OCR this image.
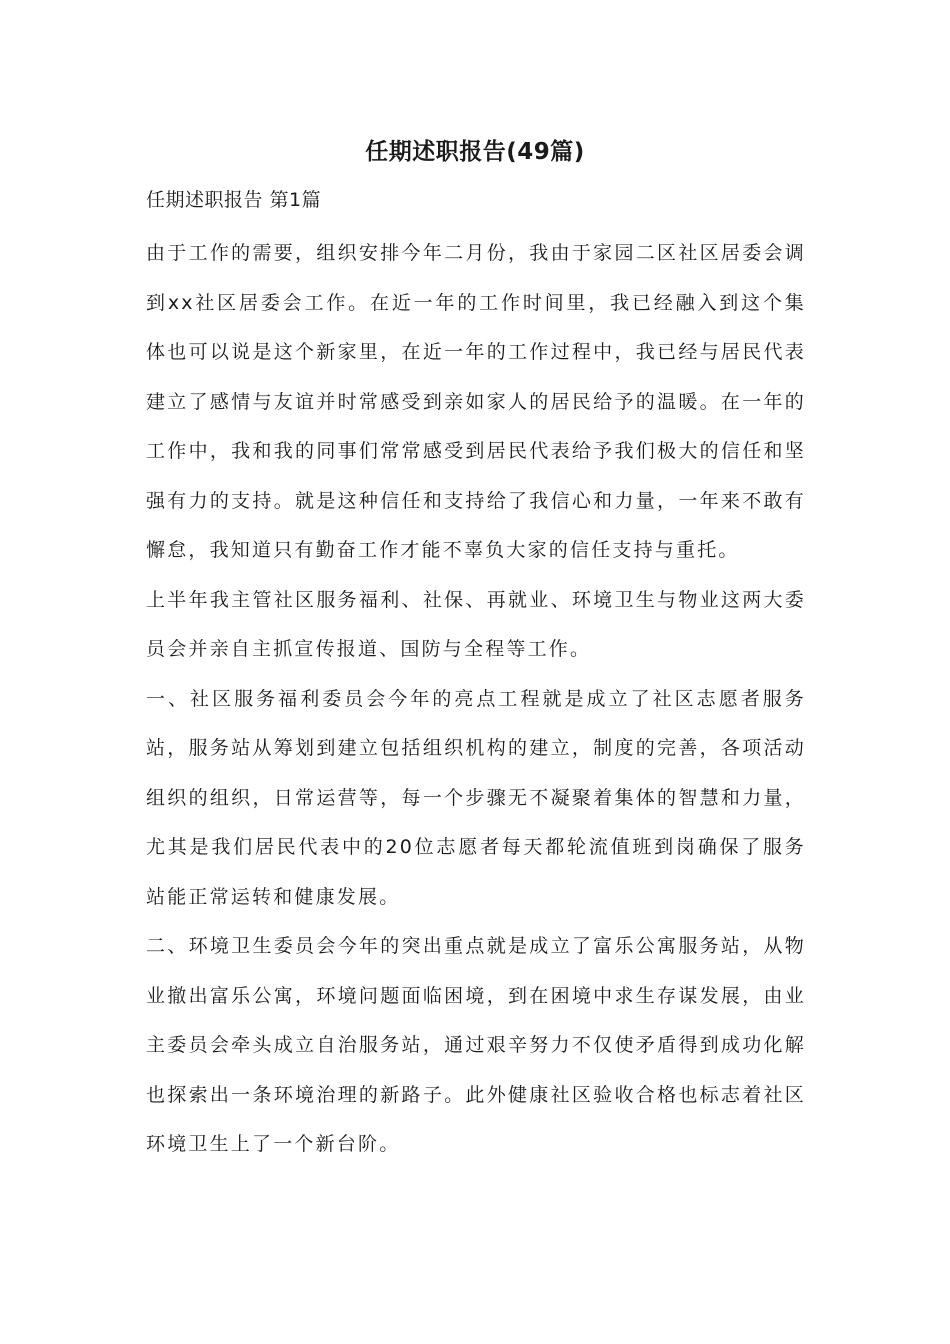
任期述职报告(49篇)
任期述职报告 第1篇

由于工作的需要，组织安排今年二月份，我由于家园二区社区居委会调到xx社区居委会工作。在近一年的工作时间里，我已经融入到这个集体也可以说是这个新家里，在近一年的工作过程中，我已经与居民代表建立了感情与友谊并时常感受到亲如家人的居民给予的温暖。在一年的工作中，我和我的同事们常常感受到居民代表给予我们极大的信任和坚强有力的支持。就是这种信任和支持给了我信心和力量，一年来不敢有懈怠，我知道只有勤奋工作才能不辜负大家的信任支持与重托。

上半年我主管社区服务福利、社保、再就业、环境卫生与物业这两大委员会并亲自主抓宣传报道、国防与全程等工作。

一、社区服务福利委员会今年的亮点工程就是成立了社区志愿者服务站，服务站从筹划到建立包括组织机构的建立，制度的完善，各项活动组织的组织，日常运营等，每一个步骤无不凝聚着集体的智慧和力量，尤其是我们居民代表中的20位志愿者每天都轮流值班到岗确保了服务站能正常运转和健康发展。

二、环境卫生委员会今年的突出重点就是成立了富乐公寓服务站，从物业撤出富乐公寓，环境问题面临困境，到在困境中求生存谋发展，由业主委员会牵头成立自治服务站，通过艰辛努力不仅使矛盾得到成功化解也探索出一条环境治理的新路子。此外健康社区验收合格也标志着社区环境卫生上了一个新台阶。
